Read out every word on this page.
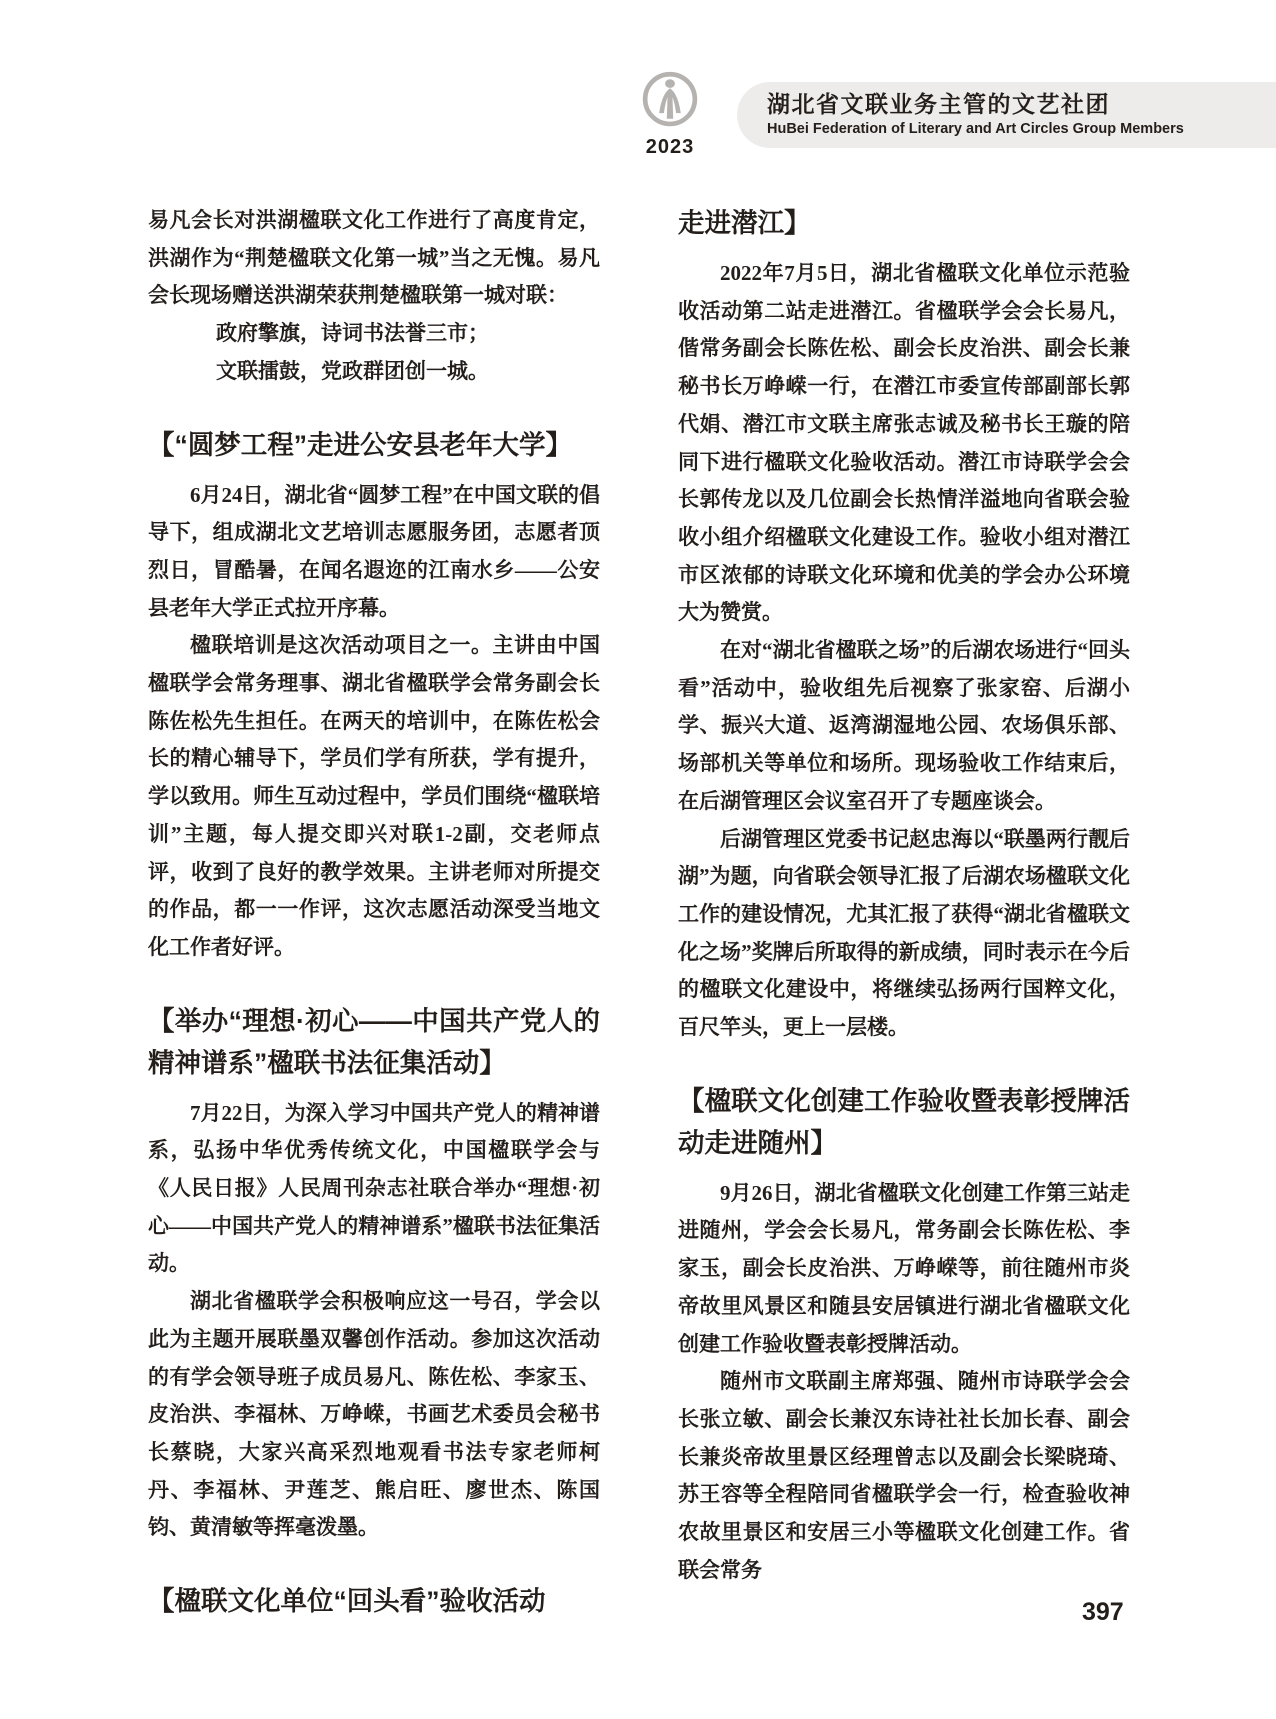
2023
湖北省文联业务主管的文艺社团
HuBei Federation of Literary and Art Circles Group Members

易凡会长对洪湖楹联文化工作进行了高度肯定，洪湖作为“荆楚楹联文化第一城”当之无愧。易凡会长现场赠送洪湖荣获荆楚楹联第一城对联：

政府擎旗，诗词书法誉三市；

文联擂鼓，党政群团创一城。

【“圆梦工程”走进公安县老年大学】

6月24日，湖北省“圆梦工程”在中国文联的倡导下，组成湖北文艺培训志愿服务团，志愿者顶烈日，冒酷暑，在闻名遐迩的江南水乡——公安县老年大学正式拉开序幕。

楹联培训是这次活动项目之一。主讲由中国楹联学会常务理事、湖北省楹联学会常务副会长陈佐松先生担任。在两天的培训中，在陈佐松会长的精心辅导下，学员们学有所获，学有提升，学以致用。师生互动过程中，学员们围绕“楹联培训”主题，每人提交即兴对联1-2副，交老师点评，收到了良好的教学效果。主讲老师对所提交的作品，都一一作评，这次志愿活动深受当地文化工作者好评。

【举办“理想·初心——中国共产党人的精神谱系”楹联书法征集活动】

7月22日，为深入学习中国共产党人的精神谱系，弘扬中华优秀传统文化，中国楹联学会与《人民日报》人民周刊杂志社联合举办“理想·初心——中国共产党人的精神谱系”楹联书法征集活动。

湖北省楹联学会积极响应这一号召，学会以此为主题开展联墨双馨创作活动。参加这次活动的有学会领导班子成员易凡、陈佐松、李家玉、皮治洪、李福林、万峥嵘，书画艺术委员会秘书长蔡晓，大家兴高采烈地观看书法专家老师柯丹、李福林、尹莲芝、熊启旺、廖世杰、陈国钧、黄清敏等挥毫泼墨。

【楹联文化单位“回头看”验收活动
走进潜江】

2022年7月5日，湖北省楹联文化单位示范验收活动第二站走进潜江。省楹联学会会长易凡，偕常务副会长陈佐松、副会长皮治洪、副会长兼秘书长万峥嵘一行，在潜江市委宣传部副部长郭代娟、潜江市文联主席张志诚及秘书长王璇的陪同下进行楹联文化验收活动。潜江市诗联学会会长郭传龙以及几位副会长热情洋溢地向省联会验收小组介绍楹联文化建设工作。验收小组对潜江市区浓郁的诗联文化环境和优美的学会办公环境大为赞赏。

在对“湖北省楹联之场”的后湖农场进行“回头看”活动中，验收组先后视察了张家窑、后湖小学、振兴大道、返湾湖湿地公园、农场俱乐部、场部机关等单位和场所。现场验收工作结束后，在后湖管理区会议室召开了专题座谈会。

后湖管理区党委书记赵忠海以“联墨两行靓后湖”为题，向省联会领导汇报了后湖农场楹联文化工作的建设情况，尤其汇报了获得“湖北省楹联文化之场”奖牌后所取得的新成绩，同时表示在今后的楹联文化建设中，将继续弘扬两行国粹文化，百尺竿头，更上一层楼。

【楹联文化创建工作验收暨表彰授牌活动走进随州】

9月26日，湖北省楹联文化创建工作第三站走进随州，学会会长易凡，常务副会长陈佐松、李家玉，副会长皮治洪、万峥嵘等，前往随州市炎帝故里风景区和随县安居镇进行湖北省楹联文化创建工作验收暨表彰授牌活动。

随州市文联副主席郑强、随州市诗联学会会长张立敏、副会长兼汉东诗社社长加长春、副会长兼炎帝故里景区经理曾志以及副会长梁晓琦、苏王容等全程陪同省楹联学会一行，检查验收神农故里景区和安居三小等楹联文化创建工作。省联会常务

397
